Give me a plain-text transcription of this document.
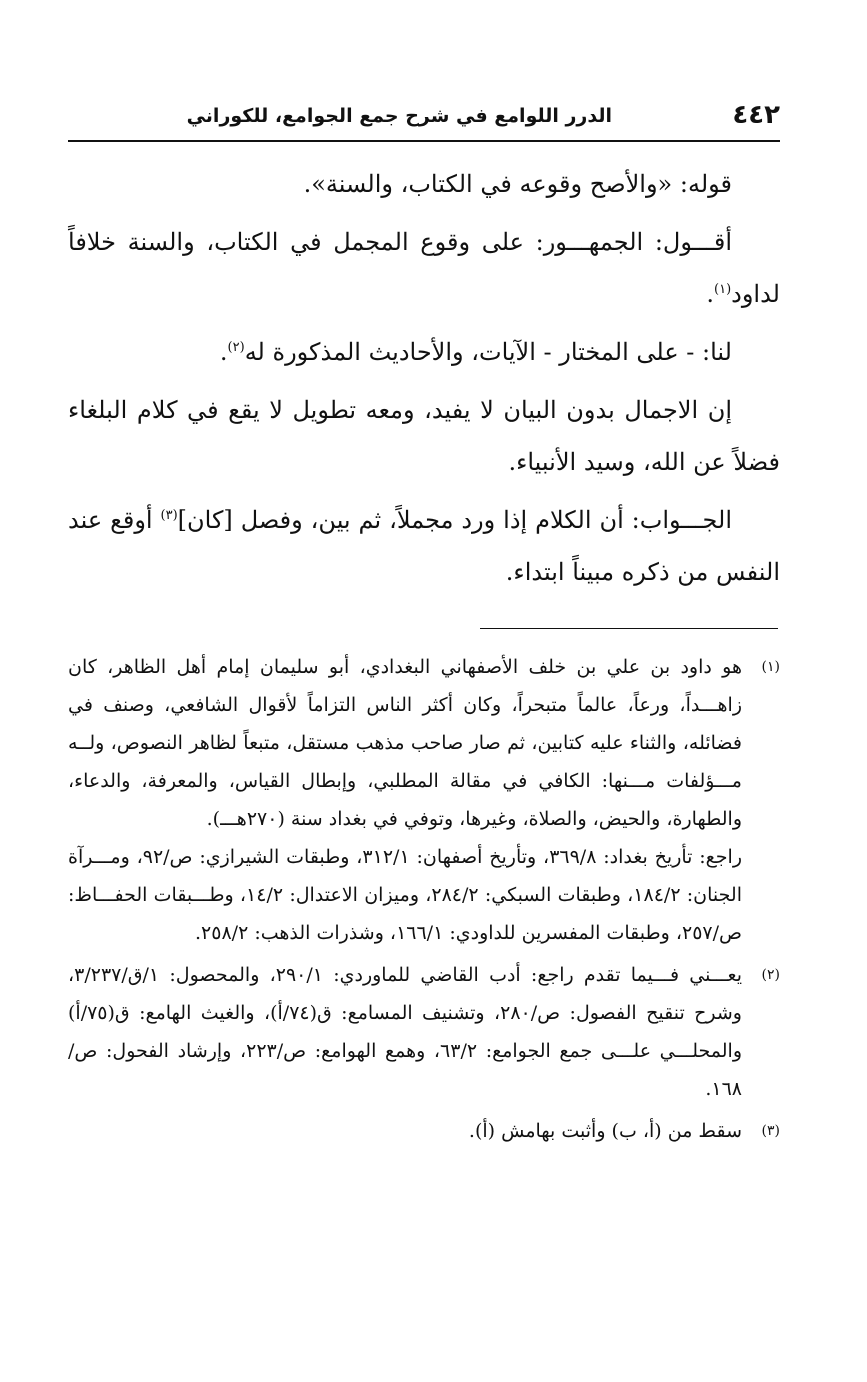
٤٤٢
الدرر اللوامع في شرح جمع الجوامع، للكوراني

قوله: «والأصح وقوعه في الكتاب، والسنة».

أقـــول: الجمهـــور: على وقوع المجمل في الكتاب، والسنة خلافاً لداود$^{(١)}$.

لنا: - على المختار - الآيات، والأحاديث المذكورة له$^{(٢)}$.

إن الاجمال بدون البيان لا يفيد، ومعه تطويل لا يقع في كلام البلغاء فضلاً عن الله، وسيد الأنبياء.

الجـــواب: أن الكلام إذا ورد مجملاً، ثم بين، وفصل [كان]$^{(٣)}$ أوقع عند النفس من ذكره مبيناً ابتداء.

(١)

هو داود بن علي بن خلف الأصفهاني البغدادي، أبو سليمان إمام أهل الظاهر، كان زاهـــداً، ورعاً، عالماً متبحراً، وكان أكثر الناس التزاماً لأقوال الشافعي، وصنف في فضائله، والثناء عليه كتابين، ثم صار صاحب مذهب مستقل، متبعاً لظاهر النصوص، ولــه مـــؤلفات مـــنها: الكافي في مقالة المطلبي، وإبطال القياس، والمعرفة، والدعاء، والطهارة، والحيض، والصلاة، وغيرها، وتوفي في بغداد سنة (٢٧٠هـــ).

راجع: تأريخ بغداد: ٣٦٩/٨، وتأريخ أصفهان: ٣١٢/١، وطبقات الشيرازي: ص/٩٢، ومـــرآة الجنان: ١٨٤/٢، وطبقات السبكي: ٢٨٤/٢، وميزان الاعتدال: ١٤/٢، وطـــبقات الحفـــاظ: ص/٢٥٧، وطبقات المفسرين للداودي: ١٦٦/١، وشذرات الذهب: ٢٥٨/٢.

(٢)

يعـــني فـــيما تقدم راجع: أدب القاضي للماوردي: ٢٩٠/١، والمحصول: ١/ق/٣/٢٣٧، وشرح تنقيح الفصول: ص/٢٨٠، وتشنيف المسامع: ق(٧٤/أ)، والغيث الهامع: ق(٧٥/أ) والمحلـــي علـــى جمع الجوامع: ٦٣/٢، وهمع الهوامع: ص/٢٢٣، وإرشاد الفحول: ص/١٦٨.

(٣)

سقط من (أ، ب) وأثبت بهامش (أ).
